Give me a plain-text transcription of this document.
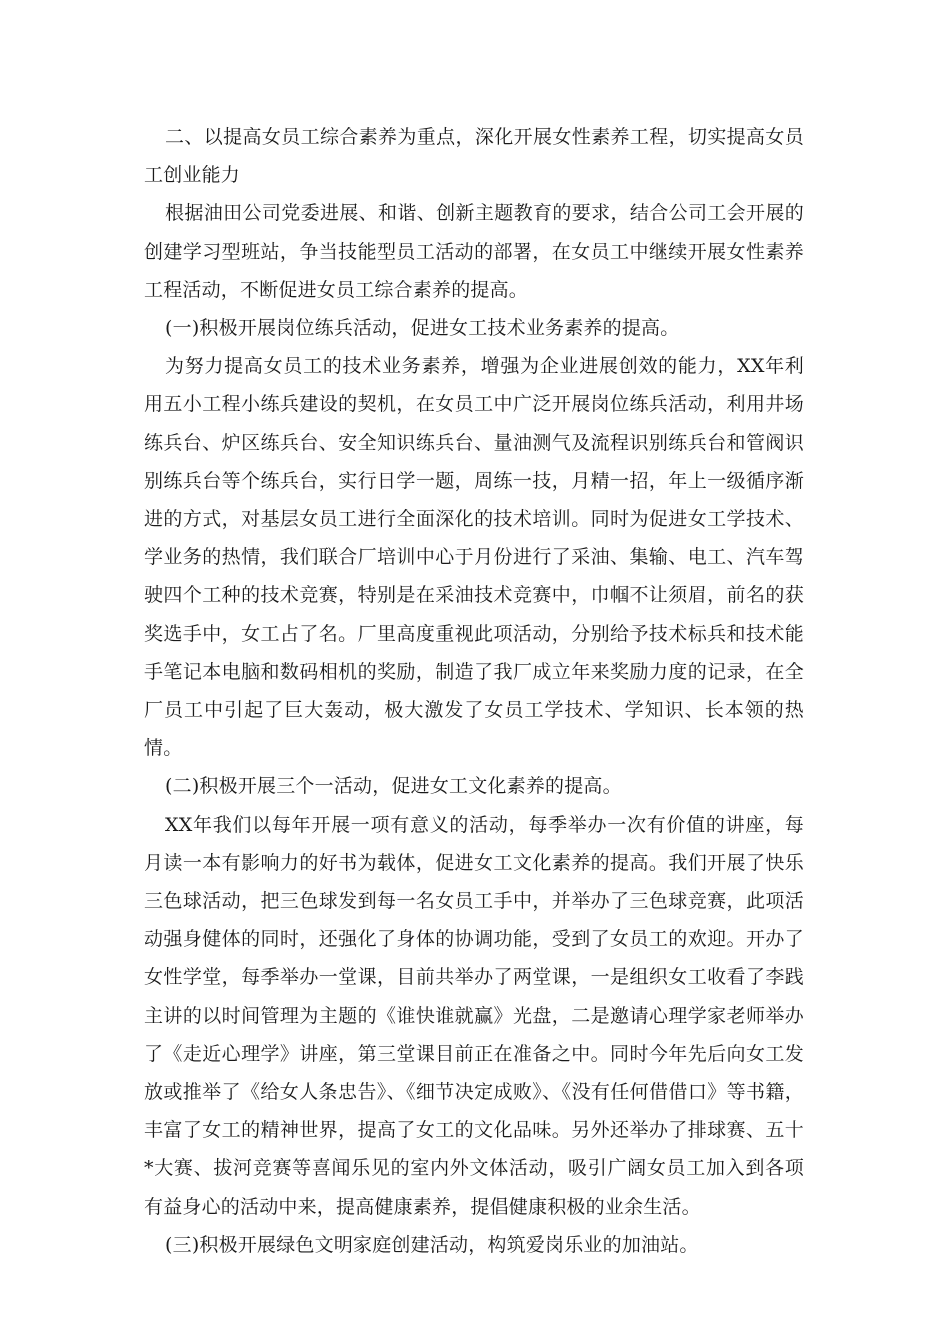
二、以提高女员工综合素养为重点，深化开展女性素养工程，切实提高女员工创业能力

根据油田公司党委进展、和谐、创新主题教育的要求，结合公司工会开展的创建学习型班站，争当技能型员工活动的部署，在女员工中继续开展女性素养工程活动，不断促进女员工综合素养的提高。

(一)积极开展岗位练兵活动，促进女工技术业务素养的提高。

为努力提高女员工的技术业务素养，增强为企业进展创效的能力，XX年利用五小工程小练兵建设的契机，在女员工中广泛开展岗位练兵活动，利用井场练兵台、炉区练兵台、安全知识练兵台、量油测气及流程识别练兵台和管阀识别练兵台等个练兵台，实行日学一题，周练一技，月精一招，年上一级循序渐进的方式，对基层女员工进行全面深化的技术培训。同时为促进女工学技术、学业务的热情，我们联合厂培训中心于月份进行了采油、集输、电工、汽车驾驶四个工种的技术竞赛，特别是在采油技术竞赛中，巾帼不让须眉，前名的获奖选手中，女工占了名。厂里高度重视此项活动，分别给予技术标兵和技术能手笔记本电脑和数码相机的奖励，制造了我厂成立年来奖励力度的记录，在全厂员工中引起了巨大轰动，极大激发了女员工学技术、学知识、长本领的热情。

(二)积极开展三个一活动，促进女工文化素养的提高。

XX年我们以每年开展一项有意义的活动，每季举办一次有价值的讲座，每月读一本有影响力的好书为载体，促进女工文化素养的提高。我们开展了快乐三色球活动，把三色球发到每一名女员工手中，并举办了三色球竞赛，此项活动强身健体的同时，还强化了身体的协调功能，受到了女员工的欢迎。开办了女性学堂，每季举办一堂课，目前共举办了两堂课，一是组织女工收看了李践主讲的以时间管理为主题的《谁快谁就赢》光盘，二是邀请心理学家老师举办了《走近心理学》讲座，第三堂课目前正在准备之中。同时今年先后向女工发放或推举了《给女人条忠告》、《细节决定成败》、《没有任何借借口》等书籍，丰富了女工的精神世界，提高了女工的文化品味。另外还举办了排球赛、五十*大赛、拔河竞赛等喜闻乐见的室内外文体活动，吸引广阔女员工加入到各项有益身心的活动中来，提高健康素养，提倡健康积极的业余生活。

(三)积极开展绿色文明家庭创建活动，构筑爱岗乐业的加油站。
